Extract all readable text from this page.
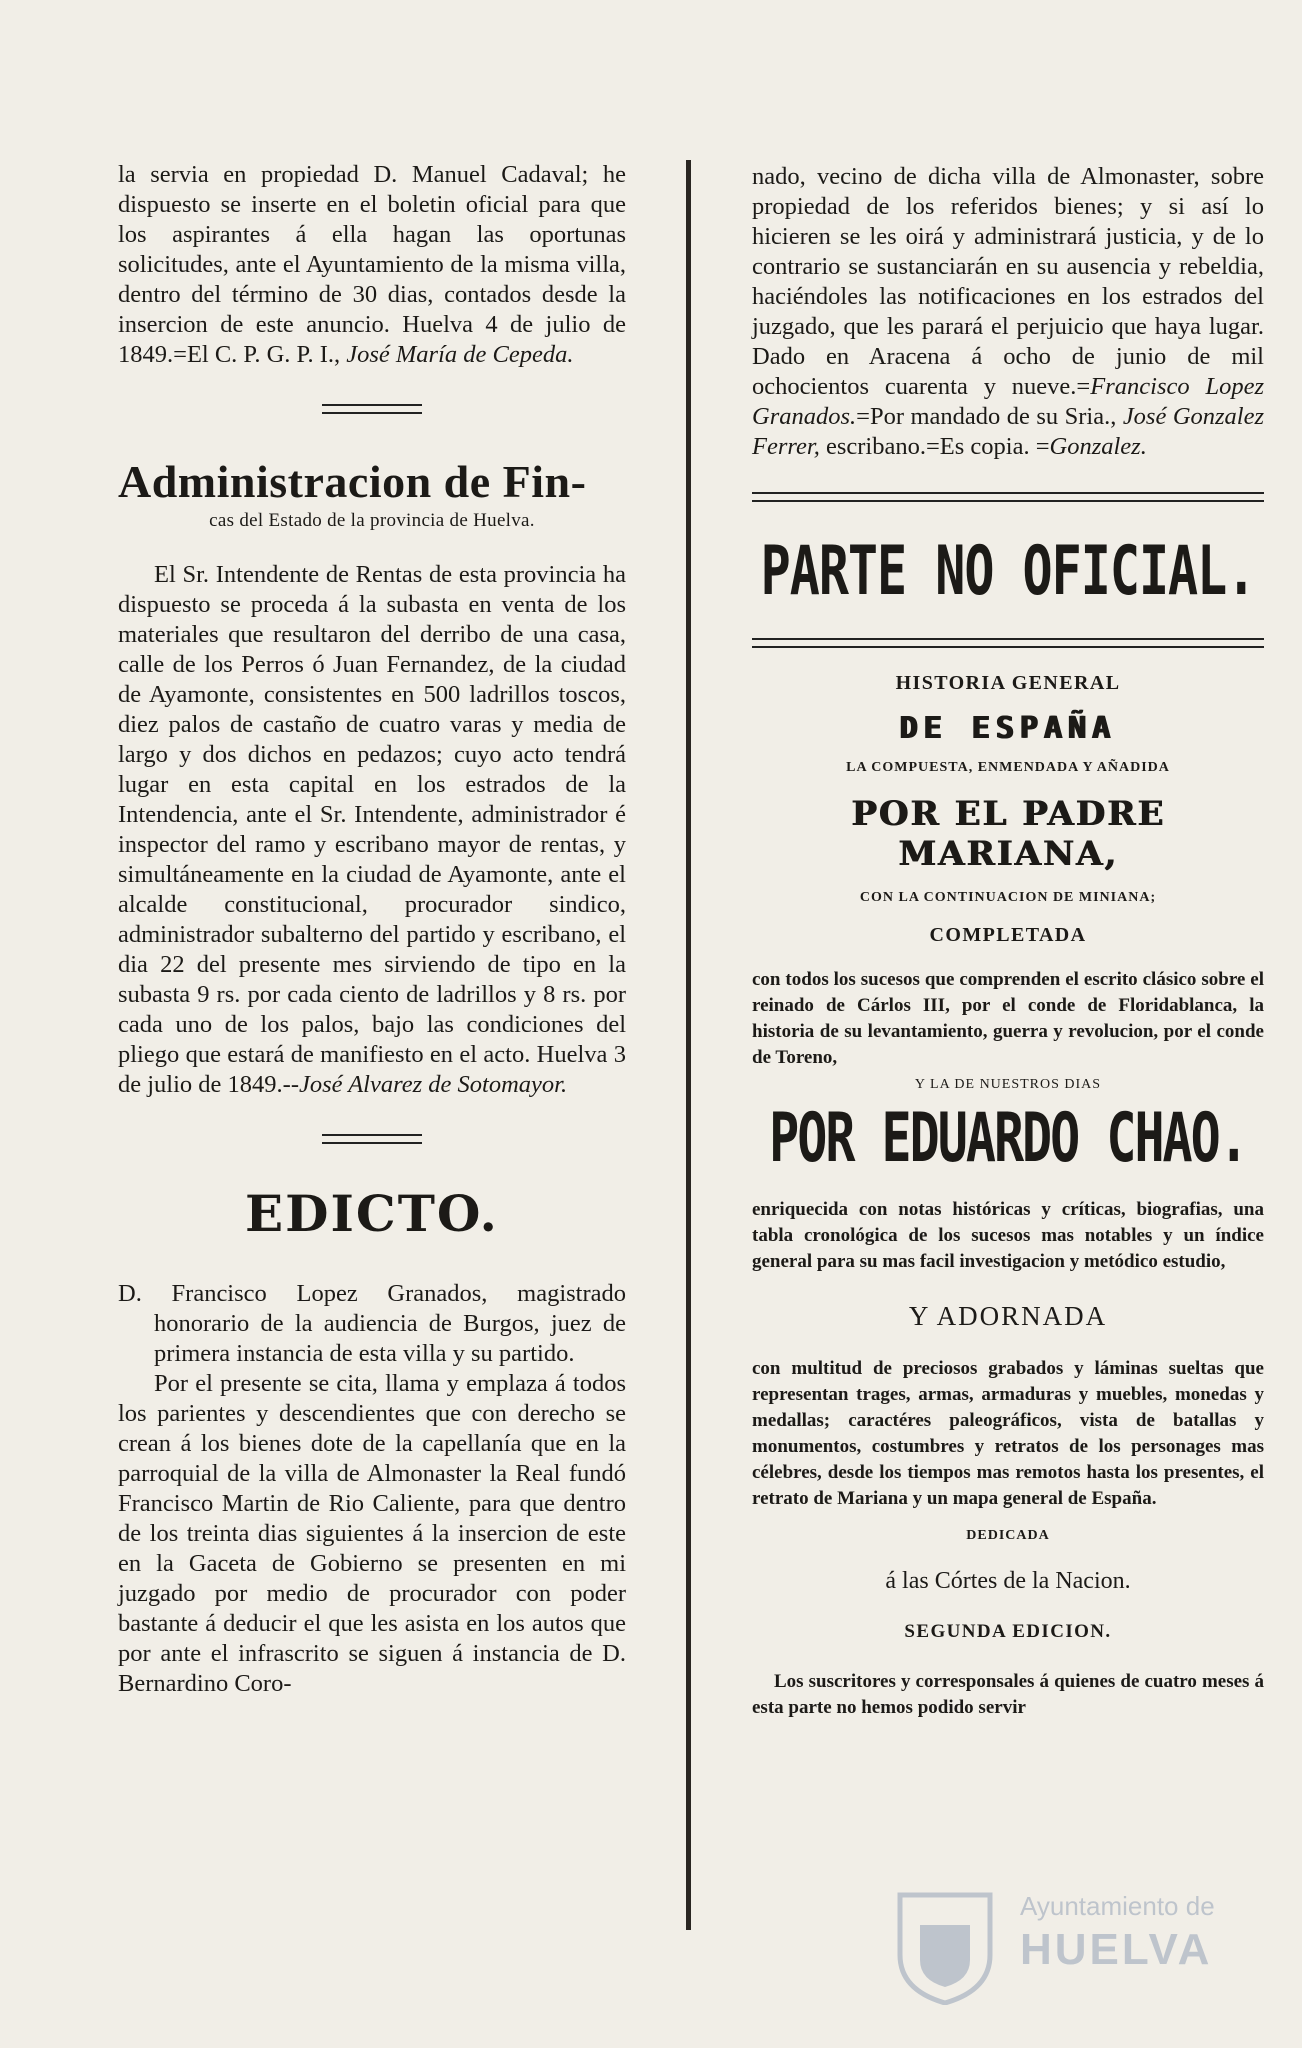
la servia en propiedad D. Manuel Cadaval; he dispuesto se inserte en el boletin oficial para que los aspirantes á ella hagan las oportunas solicitudes, ante el Ayuntamiento de la misma villa, dentro del término de 30 dias, contados desde la insercion de este anuncio. Huelva 4 de julio de 1849.=El C. P. G. P. I., José María de Cepeda.

Administracion de Fin-

cas del Estado de la provincia de Huelva.

El Sr. Intendente de Rentas de esta provincia ha dispuesto se proceda á la subasta en venta de los materiales que resultaron del derribo de una casa, calle de los Perros ó Juan Fernandez, de la ciudad de Ayamonte, consistentes en 500 ladrillos toscos, diez palos de castaño de cuatro varas y media de largo y dos dichos en pedazos; cuyo acto tendrá lugar en esta capital en los estrados de la Intendencia, ante el Sr. Intendente, administrador é inspector del ramo y escribano mayor de rentas, y simultáneamente en la ciudad de Ayamonte, ante el alcalde constitucional, procurador sindico, administrador subalterno del partido y escribano, el dia 22 del presente mes sirviendo de tipo en la subasta 9 rs. por cada ciento de ladrillos y 8 rs. por cada uno de los palos, bajo las condiciones del pliego que estará de manifiesto en el acto. Huelva 3 de julio de 1849.--José Alvarez de Sotomayor.

EDICTO.

D. Francisco Lopez Granados, magistrado honorario de la audiencia de Burgos, juez de primera instancia de esta villa y su partido.

Por el presente se cita, llama y emplaza á todos los parientes y descendientes que con derecho se crean á los bienes dote de la capellanía que en la parroquial de la villa de Almonaster la Real fundó Francisco Martin de Rio Caliente, para que dentro de los treinta dias siguientes á la insercion de este en la Gaceta de Gobierno se presenten en mi juzgado por medio de procurador con poder bastante á deducir el que les asista en los autos que por ante el infrascrito se siguen á instancia de D. Bernardino Coro-

nado, vecino de dicha villa de Almonaster, sobre propiedad de los referidos bienes; y si así lo hicieren se les oirá y administrará justicia, y de lo contrario se sustanciarán en su ausencia y rebeldia, haciéndoles las notificaciones en los estrados del juzgado, que les parará el perjuicio que haya lugar. Dado en Aracena á ocho de junio de mil ochocientos cuarenta y nueve.=Francisco Lopez Granados.=Por mandado de su Sria., José Gonzalez Ferrer, escribano.=Es copia. =Gonzalez.

PARTE NO OFICIAL.

HISTORIA GENERAL

DE ESPAÑA

LA COMPUESTA, ENMENDADA Y AÑADIDA

POR EL PADRE MARIANA,

CON LA CONTINUACION DE MINIANA;

COMPLETADA

con todos los sucesos que comprenden el escrito clásico sobre el reinado de Cárlos III, por el conde de Floridablanca, la historia de su levantamiento, guerra y revolucion, por el conde de Toreno,

Y LA DE NUESTROS DIAS

POR EDUARDO CHAO.

enriquecida con notas históricas y críticas, biografias, una tabla cronológica de los sucesos mas notables y un índice general para su mas facil investigacion y metódico estudio,

Y ADORNADA

con multitud de preciosos grabados y láminas sueltas que representan trages, armas, armaduras y muebles, monedas y medallas; caractéres paleográficos, vista de batallas y monumentos, costumbres y retratos de los personages mas célebres, desde los tiempos mas remotos hasta los presentes, el retrato de Mariana y un mapa general de España.

DEDICADA

á las Córtes de la Nacion.

SEGUNDA EDICION.

Los suscritores y corresponsales á quienes de cuatro meses á esta parte no hemos podido servir

Ayuntamiento de
HUELVA
